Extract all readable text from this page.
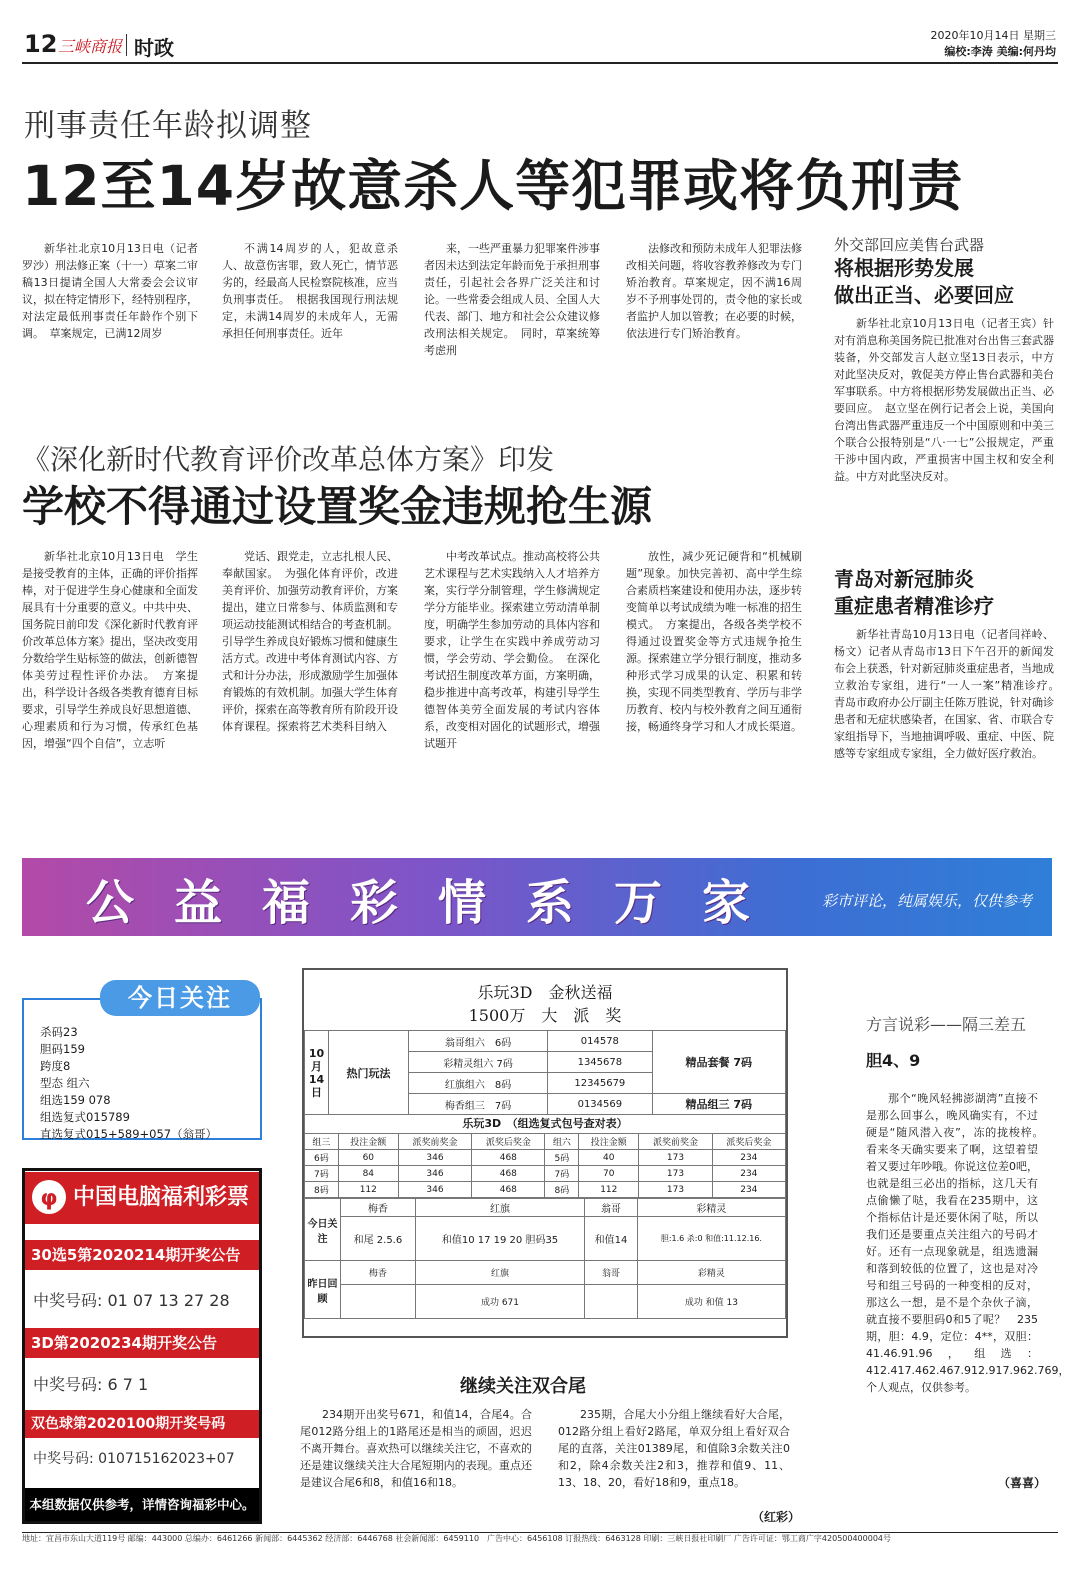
12 三峡商报 时政
2020年10月14日 星期三
编校:李涛 美编:何丹均
刑事责任年龄拟调整
12至14岁故意杀人等犯罪或将负刑责

新华社北京10月13日电（记者罗沙）刑法修正案（十一）草案二审稿13日提请全国人大常委会会议审议，拟在特定情形下，经特别程序，对法定最低刑事责任年龄作个别下调。　草案规定，已满12周岁

不满14周岁的人，犯故意杀人、故意伤害罪，致人死亡，情节恶劣的，经最高人民检察院核准，应当负刑事责任。　根据我国现行刑法规定，未满14周岁的未成年人，无需承担任何刑事责任。近年

来，一些严重暴力犯罪案件涉事者因未达到法定年龄而免于承担刑事责任，引起社会各界广泛关注和讨论。一些常委会组成人员、全国人大代表、部门、地方和社会公众建议修改刑法相关规定。　同时，草案统筹考虑刑

法修改和预防未成年人犯罪法修改相关问题，将收容教养修改为专门矫治教育。草案规定，因不满16周岁不予刑事处罚的，责令他的家长或者监护人加以管教；在必要的时候，依法进行专门矫治教育。

外交部回应美售台武器
将根据形势发展
做出正当、必要回应

新华社北京10月13日电（记者王宾）针对有消息称美国务院已批准对台出售三套武器装备，外交部发言人赵立坚13日表示，中方对此坚决反对，敦促美方停止售台武器和美台军事联系。中方将根据形势发展做出正当、必要回应。　赵立坚在例行记者会上说，美国向台湾出售武器严重违反一个中国原则和中美三个联合公报特别是“八·一七”公报规定，严重干涉中国内政，严重损害中国主权和安全利益。中方对此坚决反对。

《深化新时代教育评价改革总体方案》印发
学校不得通过设置奖金违规抢生源

新华社北京10月13日电　学生是接受教育的主体，正确的评价指挥棒，对于促进学生身心健康和全面发展具有十分重要的意义。中共中央、国务院日前印发《深化新时代教育评价改革总体方案》提出，坚决改变用分数给学生贴标签的做法，创新德智体美劳过程性评价办法。　方案提出，科学设计各级各类教育德育目标要求，引导学生养成良好思想道德、心理素质和行为习惯，传承红色基因，增强“四个自信”，立志听

党话、跟党走，立志扎根人民、奉献国家。　为强化体育评价，改进美育评价、加强劳动教育评价，方案提出，建立日常参与、体质监测和专项运动技能测试相结合的考查机制。引导学生养成良好锻炼习惯和健康生活方式。改进中考体育测试内容、方式和计分办法，形成激励学生加强体育锻炼的有效机制。加强大学生体育评价，探索在高等教育所有阶段开设体育课程。探索将艺术类科目纳入

中考改革试点。推动高校将公共艺术课程与艺术实践纳入人才培养方案，实行学分制管理，学生修满规定学分方能毕业。探索建立劳动清单制度，明确学生参加劳动的具体内容和要求，让学生在实践中养成劳动习惯，学会劳动、学会勤俭。　在深化考试招生制度改革方面，方案明确，稳步推进中高考改革，构建引导学生德智体美劳全面发展的考试内容体系，改变相对固化的试题形式，增强试题开

放性，减少死记硬背和“机械刷题”现象。加快完善初、高中学生综合素质档案建设和使用办法，逐步转变简单以考试成绩为唯一标准的招生模式。　方案提出，各级各类学校不得通过设置奖金等方式违规争抢生源。探索建立学分银行制度，推动多种形式学习成果的认定、积累和转换，实现不同类型教育、学历与非学历教育、校内与校外教育之间互通衔接，畅通终身学习和人才成长渠道。

青岛对新冠肺炎
重症患者精准诊疗

新华社青岛10月13日电（记者闫祥岭、杨文）记者从青岛市13日下午召开的新闻发布会上获悉，针对新冠肺炎重症患者，当地成立救治专家组，进行“一人一案”精准诊疗。　青岛市政府办公厅副主任陈万胜说，针对确诊患者和无症状感染者，在国家、省、市联合专家组指导下，当地抽调呼吸、重症、中医、院感等专家组成专家组，全力做好医疗救治。

公益福彩情系万家 彩市评论，纯属娱乐，仅供参考
今日关注
杀码23
胆码159
跨度8
型态 组六
组选159 078
组选复式015789
直选复式015+589+057（翁哥）
中国电脑福利彩票
φ
30选5第2020214期开奖公告
中奖号码: 01 07 13 27 28
3D第2020234期开奖公告
中奖号码: 6 7 1
双色球第2020100期开奖号码
中奖号码: 010715162023+07
本组数据仅供参考，详情咨询福彩中心。
乐玩3D　金秋送福
1500万　大　派　奖
10月14日	热门玩法	翁哥组六　6码	014578	精品套餐 7码
		彩精灵组六 7码	1345678	
		红旗组六　8码	12345679	
		梅香组三　7码	0134569	精品组三 7码
乐玩3D　（组选复式包号查对表）
组三	投注金额	派奖前奖金	派奖后奖金	组六	投注金额	派奖前奖金	派奖后奖金
6码	60	346	468	5码	40	173	234
7码	84	346	468	7码	70	173	234
8码	112	346	468	8码	112	173	234
今日关注	梅香	红旗	翁哥	彩精灵
	和尾 2.5.6	和值10 17 19 20 胆码35	和值14	胆:1.6 杀:0 和值:11.12.16.
昨日回顾	梅香	红旗	翁哥	彩精灵
		成功 671		成功 和值 13
继续关注双合尾

234期开出奖号671，和值14，合尾4。合尾012路分组上的1路尾还是相当的顽固，迟迟不离开舞台。喜欢热可以继续关注它，不喜欢的还是建议继续关注大合尾短期内的表现。重点还是建议合尾6和8，和值16和18。

235期，合尾大小分组上继续看好大合尾，012路分组上看好2路尾，单双分组上看好双合尾的直落，关注01389尾，和值除3余数关注0和2，除4余数关注2和3，推荐和值9、11、13、18、20，看好18和9，重点18。

（红彩）
方言说彩——隔三差五
胆4、9

那个“晚风轻拂澎湖湾”直接不是那么回事么，晚风确实有，不过硬是“随风潜入夜”，冻的拢梭梓。　看来冬天确实要来了啊，这望着望着又要过年吵哦。你说这位差0吧，也就是组三必出的指标，这几天有点偷懒了哒，我看在235期中，这个指标估计是还要休闲了哒，所以我们还是要重点关注组六的号码才好。还有一点现象就是，组选遗漏和落到较低的位置了，这也是对冷号和组三号码的一种变相的反对，那这么一想，是不是个杂伙子滴，就直接不要胆码0和5了呢？　235期，胆：4.9，定位：4**，双胆：41.46.91.96，组选：412.417.462.467.912.917.962.769，个人观点，仅供参考。

（喜喜）
地址：宜昌市东山大道119号 邮编：443000 总编办：6461266 新闻部：6445362 经济部：6446768 社会新闻部：6459110　广告中心：6456108 订报热线：6463128 印刷：三峡日报社印刷厂 广告许可证：鄂工商广字420500400004号
